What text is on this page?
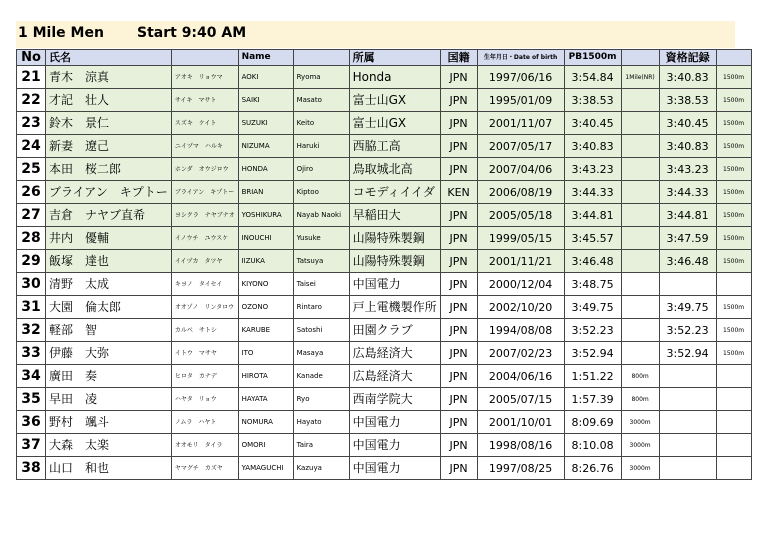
1 Mile Men Start 9:40 AM
No	氏名		Name		所属	国籍	生年月日・Date of birth	PB1500m		資格記録	
21	青木　涼真	アオキ　リョウマ	AOKI	Ryoma	Honda	JPN	1997/06/16	3:54.84	1Mile(NR)	3:40.83	1500m
22	才記　壮人	サイキ　マサト	SAIKI	Masato	富士山GX	JPN	1995/01/09	3:38.53		3:38.53	1500m
23	鈴木　景仁	スズキ　ケイト	SUZUKI	Keito	富士山GX	JPN	2001/11/07	3:40.45		3:40.45	1500m
24	新妻　遼己	ニイヅマ　ハルキ	NIZUMA	Haruki	西脇工高	JPN	2007/05/17	3:40.83		3:40.83	1500m
25	本田　桜二郎	ホンダ　オウジロウ	HONDA	Ojiro	鳥取城北高	JPN	2007/04/06	3:43.23		3:43.23	1500m
26	ブライアン　キプトー	ブライアン　キプトー	BRIAN	Kiptoo	コモディイイダ	KEN	2006/08/19	3:44.33		3:44.33	1500m
27	吉倉　ナヤブ直希	ヨシクラ　ナヤブナオ	YOSHIKURA	Nayab Naoki	早稲田大	JPN	2005/05/18	3:44.81		3:44.81	1500m
28	井内　優輔	イノウチ　ユウスケ	INOUCHI	Yusuke	山陽特殊製鋼	JPN	1999/05/15	3:45.57		3:47.59	1500m
29	飯塚　達也	イイヅカ　タツヤ	IIZUKA	Tatsuya	山陽特殊製鋼	JPN	2001/11/21	3:46.48		3:46.48	1500m
30	清野　太成	キヨノ　タイセイ	KIYONO	Taisei	中国電力	JPN	2000/12/04	3:48.75			
31	大園　倫太郎	オオゾノ　リンタロウ	OZONO	Rintaro	戸上電機製作所	JPN	2002/10/20	3:49.75		3:49.75	1500m
32	軽部　智	カルベ　サトシ	KARUBE	Satoshi	田園クラブ	JPN	1994/08/08	3:52.23		3:52.23	1500m
33	伊藤　大弥	イトウ　マサヤ	ITO	Masaya	広島経済大	JPN	2007/02/23	3:52.94		3:52.94	1500m
34	廣田　奏	ヒロタ　カナデ	HIROTA	Kanade	広島経済大	JPN	2004/06/16	1:51.22	800m		
35	早田　凌	ハヤタ　リョウ	HAYATA	Ryo	西南学院大	JPN	2005/07/15	1:57.39	800m		
36	野村　颯斗	ノムラ　ハヤト	NOMURA	Hayato	中国電力	JPN	2001/10/01	8:09.69	3000m		
37	大森　太楽	オオモリ　タイラ	OMORI	Taira	中国電力	JPN	1998/08/16	8:10.08	3000m		
38	山口　和也	ヤマグチ　カズヤ	YAMAGUCHI	Kazuya	中国電力	JPN	1997/08/25	8:26.76	3000m		
